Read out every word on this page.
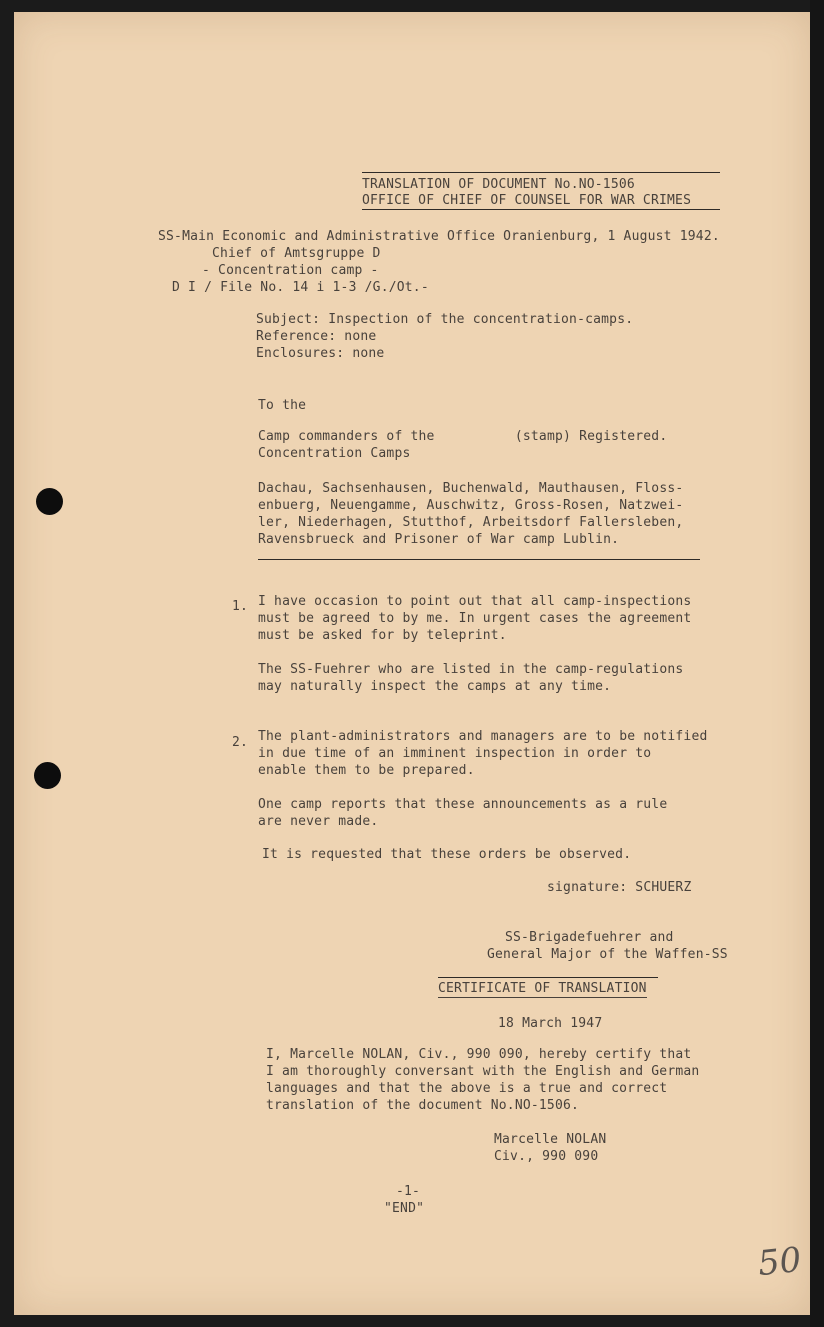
TRANSLATION OF DOCUMENT No.NO-1506
OFFICE OF CHIEF OF COUNSEL FOR WAR CRIMES
SS-Main Economic and Administrative Office Oranienburg, 1 August 1942.
Chief of Amtsgruppe D
- Concentration camp -
D I / File No. 14 i 1-3 /G./Ot.-
Subject: Inspection of the concentration-camps.
Reference: none
Enclosures: none
To the
Camp commanders of the          (stamp) Registered.
Concentration Camps
Dachau, Sachsenhausen, Buchenwald, Mauthausen, Floss-
enbuerg, Neuengamme, Auschwitz, Gross-Rosen, Natzwei-
ler, Niederhagen, Stutthof, Arbeitsdorf Fallersleben,
Ravensbrueck and Prisoner of War camp Lublin.
1. I have occasion to point out that all camp-inspections
must be agreed to by me. In urgent cases the agreement
must be asked for by teleprint.
The SS-Fuehrer who are listed in the camp-regulations
may naturally inspect the camps at any time.
2. The plant-administrators and managers are to be notified
in due time of an imminent inspection in order to
enable them to be prepared.
One camp reports that these announcements as a rule
are never made.
It is requested that these orders be observed.
signature: SCHUERZ
SS-Brigadefuehrer and
General Major of the Waffen-SS
CERTIFICATE OF TRANSLATION
18 March 1947
I, Marcelle NOLAN, Civ., 990 090, hereby certify that
I am thoroughly conversant with the English and German
languages and that the above is a true and correct
translation of the document No.NO-1506.
Marcelle NOLAN
Civ., 990 090
-1-
"END"
50
